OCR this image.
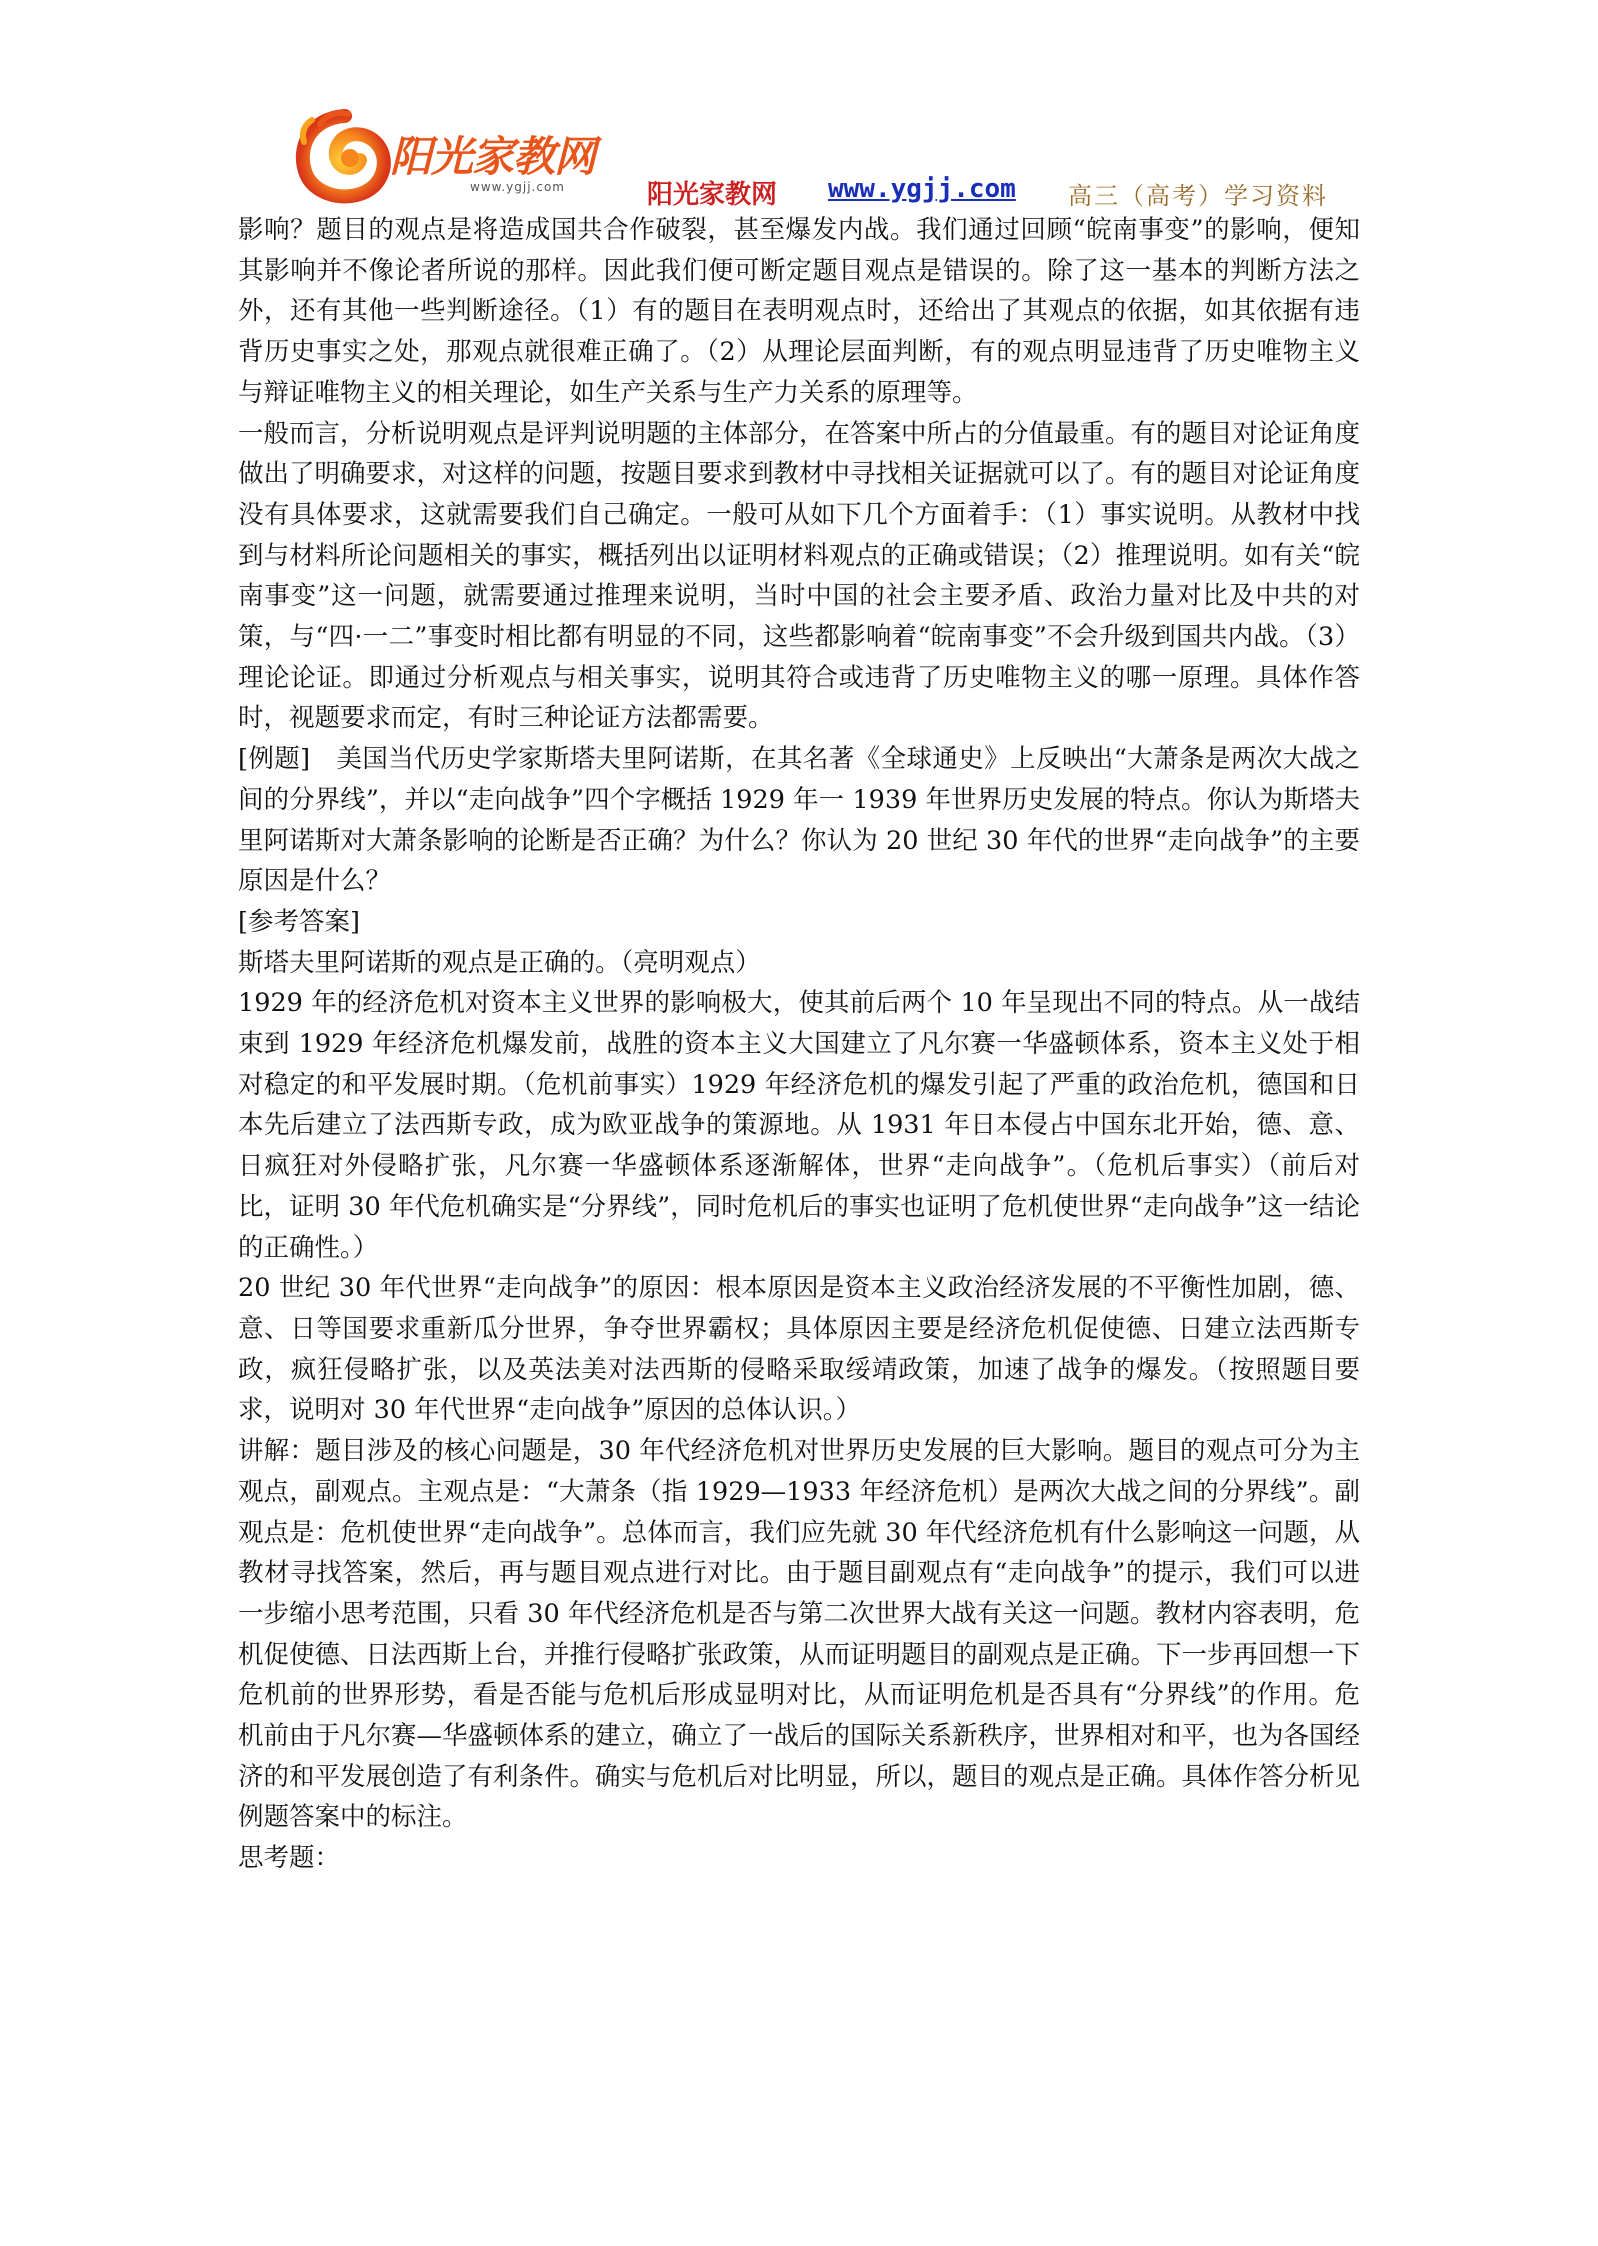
阳光家教网
www.ygjj.com	阳光家教网 www.ygjj.com 高三（高考）学习资料

影响？题目的观点是将造成国共合作破裂，甚至爆发内战。我们通过回顾“皖南事变”的影响，便知其影响并不像论者所说的那样。因此我们便可断定题目观点是错误的。除了这一基本的判断方法之外，还有其他一些判断途径。（1）有的题目在表明观点时，还给出了其观点的依据，如其依据有违背历史事实之处，那观点就很难正确了。（2）从理论层面判断，有的观点明显违背了历史唯物主义与辩证唯物主义的相关理论，如生产关系与生产力关系的原理等。

一般而言，分析说明观点是评判说明题的主体部分，在答案中所占的分值最重。有的题目对论证角度做出了明确要求，对这样的问题，按题目要求到教材中寻找相关证据就可以了。有的题目对论证角度没有具体要求，这就需要我们自己确定。一般可从如下几个方面着手：（1）事实说明。从教材中找到与材料所论问题相关的事实，概括列出以证明材料观点的正确或错误；（2）推理说明。如有关“皖南事变”这一问题，就需要通过推理来说明，当时中国的社会主要矛盾、政治力量对比及中共的对策，与“四·一二”事变时相比都有明显的不同，这些都影响着“皖南事变”不会升级到国共内战。（3）理论论证。即通过分析观点与相关事实，说明其符合或违背了历史唯物主义的哪一原理。具体作答时，视题要求而定，有时三种论证方法都需要。

[例题]　美国当代历史学家斯塔夫里阿诺斯，在其名著《全球通史》上反映出“大萧条是两次大战之间的分界线”，并以“走向战争”四个字概括 1929 年一 1939 年世界历史发展的特点。你认为斯塔夫里阿诺斯对大萧条影响的论断是否正确？为什么？你认为 20 世纪 30 年代的世界“走向战争”的主要原因是什么？

[参考答案]

斯塔夫里阿诺斯的观点是正确的。（亮明观点）

1929 年的经济危机对资本主义世界的影响极大，使其前后两个 10 年呈现出不同的特点。从一战结束到 1929 年经济危机爆发前，战胜的资本主义大国建立了凡尔赛一华盛顿体系，资本主义处于相对稳定的和平发展时期。（危机前事实）1929 年经济危机的爆发引起了严重的政治危机，德国和日本先后建立了法西斯专政，成为欧亚战争的策源地。从 1931 年日本侵占中国东北开始，德、意、日疯狂对外侵略扩张，凡尔赛一华盛顿体系逐渐解体，世界“走向战争”。（危机后事实）（前后对比，证明 30 年代危机确实是“分界线”，同时危机后的事实也证明了危机使世界“走向战争”这一结论的正确性。）

20 世纪 30 年代世界“走向战争”的原因：根本原因是资本主义政治经济发展的不平衡性加剧，德、意、日等国要求重新瓜分世界，争夺世界霸权；具体原因主要是经济危机促使德、日建立法西斯专政，疯狂侵略扩张，以及英法美对法西斯的侵略采取绥靖政策，加速了战争的爆发。（按照题目要求，说明对 30 年代世界“走向战争”原因的总体认识。）

讲解：题目涉及的核心问题是，30 年代经济危机对世界历史发展的巨大影响。题目的观点可分为主观点，副观点。主观点是：“大萧条（指 1929—1933 年经济危机）是两次大战之间的分界线”。副观点是：危机使世界“走向战争”。总体而言，我们应先就 30 年代经济危机有什么影响这一问题，从教材寻找答案，然后，再与题目观点进行对比。由于题目副观点有“走向战争”的提示，我们可以进一步缩小思考范围，只看 30 年代经济危机是否与第二次世界大战有关这一问题。教材内容表明，危机促使德、日法西斯上台，并推行侵略扩张政策，从而证明题目的副观点是正确。下一步再回想一下危机前的世界形势，看是否能与危机后形成显明对比，从而证明危机是否具有“分界线”的作用。危机前由于凡尔赛—华盛顿体系的建立，确立了一战后的国际关系新秩序，世界相对和平，也为各国经济的和平发展创造了有利条件。确实与危机后对比明显，所以，题目的观点是正确。具体作答分析见例题答案中的标注。

思考题：
